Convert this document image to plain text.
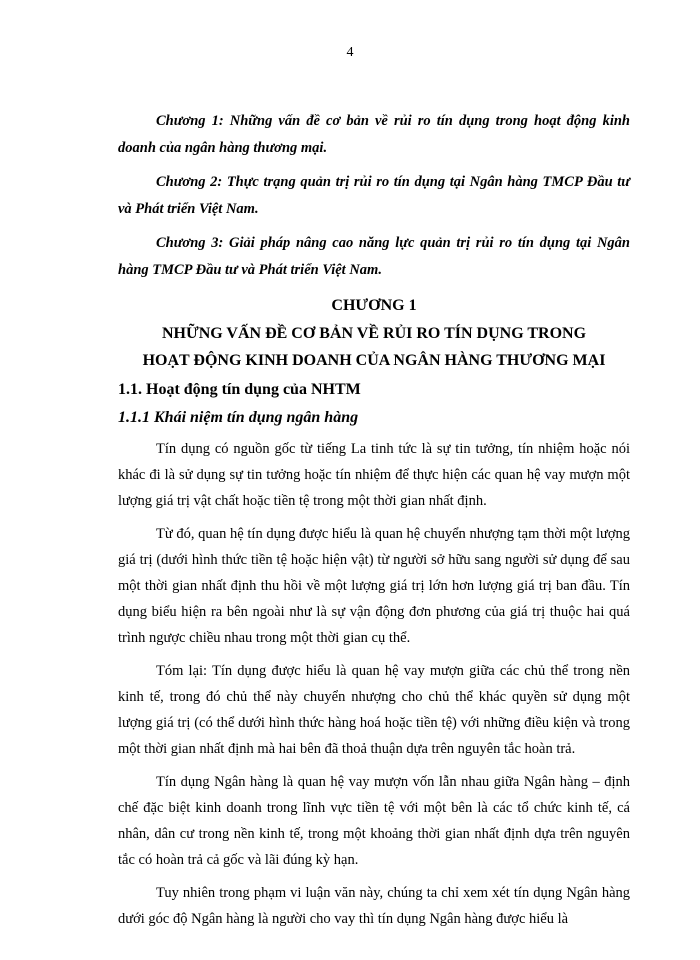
4

Chương 1: Những vấn đề cơ bản về rủi ro tín dụng trong hoạt động kinh doanh của ngân hàng thương mại.

Chương 2: Thực trạng quản trị rủi ro tín dụng tại Ngân hàng TMCP Đầu tư và Phát triển Việt Nam.

Chương 3: Giải pháp nâng cao năng lực quản trị rủi ro tín dụng tại Ngân hàng TMCP Đầu tư và Phát triển Việt Nam.

CHƯƠNG 1

NHỮNG VẤN ĐỀ CƠ BẢN VỀ RỦI RO TÍN DỤNG TRONG

HOẠT ĐỘNG KINH DOANH CỦA NGÂN HÀNG THƯƠNG MẠI

1.1. Hoạt động tín dụng của NHTM

1.1.1 Khái niệm tín dụng ngân hàng

Tín dụng có nguồn gốc từ tiếng La tinh tức là sự tin tưởng, tín nhiệm hoặc nói khác đi là sử dụng sự tin tưởng hoặc tín nhiệm để thực hiện các quan hệ vay mượn một lượng giá trị vật chất hoặc tiền tệ trong một thời gian nhất định.

Từ đó, quan hệ tín dụng được hiểu là quan hệ chuyển nhượng tạm thời một lượng giá trị (dưới hình thức tiền tệ hoặc hiện vật) từ người sở hữu sang người sử dụng để sau một thời gian nhất định thu hồi về một lượng giá trị lớn hơn lượng giá trị ban đầu. Tín dụng biểu hiện ra bên ngoài như là sự vận động đơn phương của giá trị thuộc hai quá trình ngược chiều nhau trong một thời gian cụ thể.

Tóm lại: Tín dụng được hiểu là quan hệ vay mượn giữa các chủ thể trong nền kinh tế, trong đó chủ thể này chuyển nhượng cho chủ thể khác quyền sử dụng một lượng giá trị (có thể dưới hình thức hàng hoá hoặc tiền tệ) với những điều kiện và trong một thời gian nhất định mà hai bên đã thoả thuận dựa trên nguyên tắc hoàn trả.

Tín dụng Ngân hàng là quan hệ vay mượn vốn lẫn nhau giữa Ngân hàng – định chế đặc biệt kinh doanh trong lĩnh vực tiền tệ với một bên là các tổ chức kinh tế, cá nhân, dân cư trong nền kinh tế, trong một khoảng thời gian nhất định dựa trên nguyên tắc có hoàn trả cả gốc và lãi đúng kỳ hạn.

Tuy nhiên trong phạm vi luận văn này, chúng ta chỉ xem xét tín dụng Ngân hàng dưới góc độ Ngân hàng là người cho vay thì tín dụng Ngân hàng được hiểu là
